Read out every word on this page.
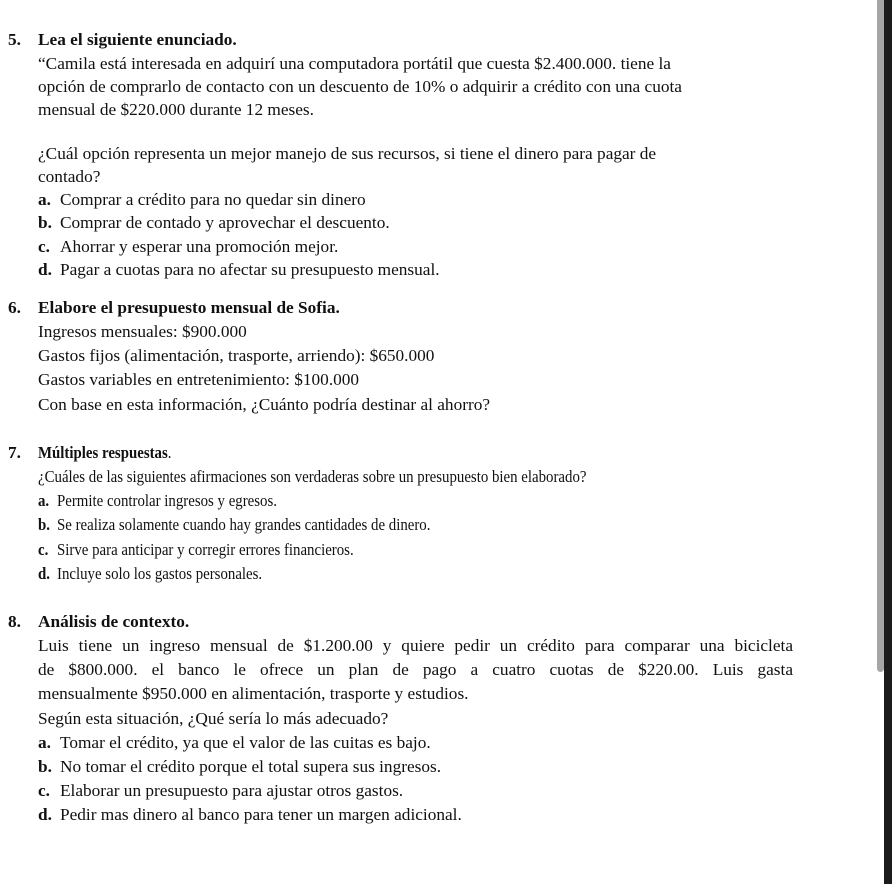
5. Lea el siguiente enunciado.
“Camila está interesada en adquirí una computadora portátil que cuesta $2.400.000. tiene la
opción de comprarlo de contacto con un descuento de 10% o adquirir a crédito con una cuota
mensual de $220.000 durante 12 meses.
¿Cuál opción representa un mejor manejo de sus recursos, si tiene el dinero para pagar de
contado?
a. Comprar a crédito para no quedar sin dinero
b. Comprar de contado y aprovechar el descuento.
c. Ahorrar y esperar una promoción mejor.
d. Pagar a cuotas para no afectar su presupuesto mensual.
6. Elabore el presupuesto mensual de Sofia.
Ingresos mensuales: $900.000
Gastos fijos (alimentación, trasporte, arriendo): $650.000
Gastos variables en entretenimiento: $100.000
Con base en esta información, ¿Cuánto podría destinar al ahorro?
7. Múltiples respuestas.
¿Cuáles de las siguientes afirmaciones son verdaderas sobre un presupuesto bien elaborado?
a. Permite controlar ingresos y egresos.
b. Se realiza solamente cuando hay grandes cantidades de dinero.
c. Sirve para anticipar y corregir errores financieros.
d. Incluye solo los gastos personales.
8. Análisis de contexto.
Luis tiene un ingreso mensual de $1.200.00 y quiere pedir un crédito para comparar una bicicleta
de $800.000. el banco le ofrece un plan de pago a cuatro cuotas de $220.00. Luis gasta
mensualmente $950.000 en alimentación, trasporte y estudios.
Según esta situación, ¿Qué sería lo más adecuado?
a. Tomar el crédito, ya que el valor de las cuitas es bajo.
b. No tomar el crédito porque el total supera sus ingresos.
c. Elaborar un presupuesto para ajustar otros gastos.
d. Pedir mas dinero al banco para tener un margen adicional.
